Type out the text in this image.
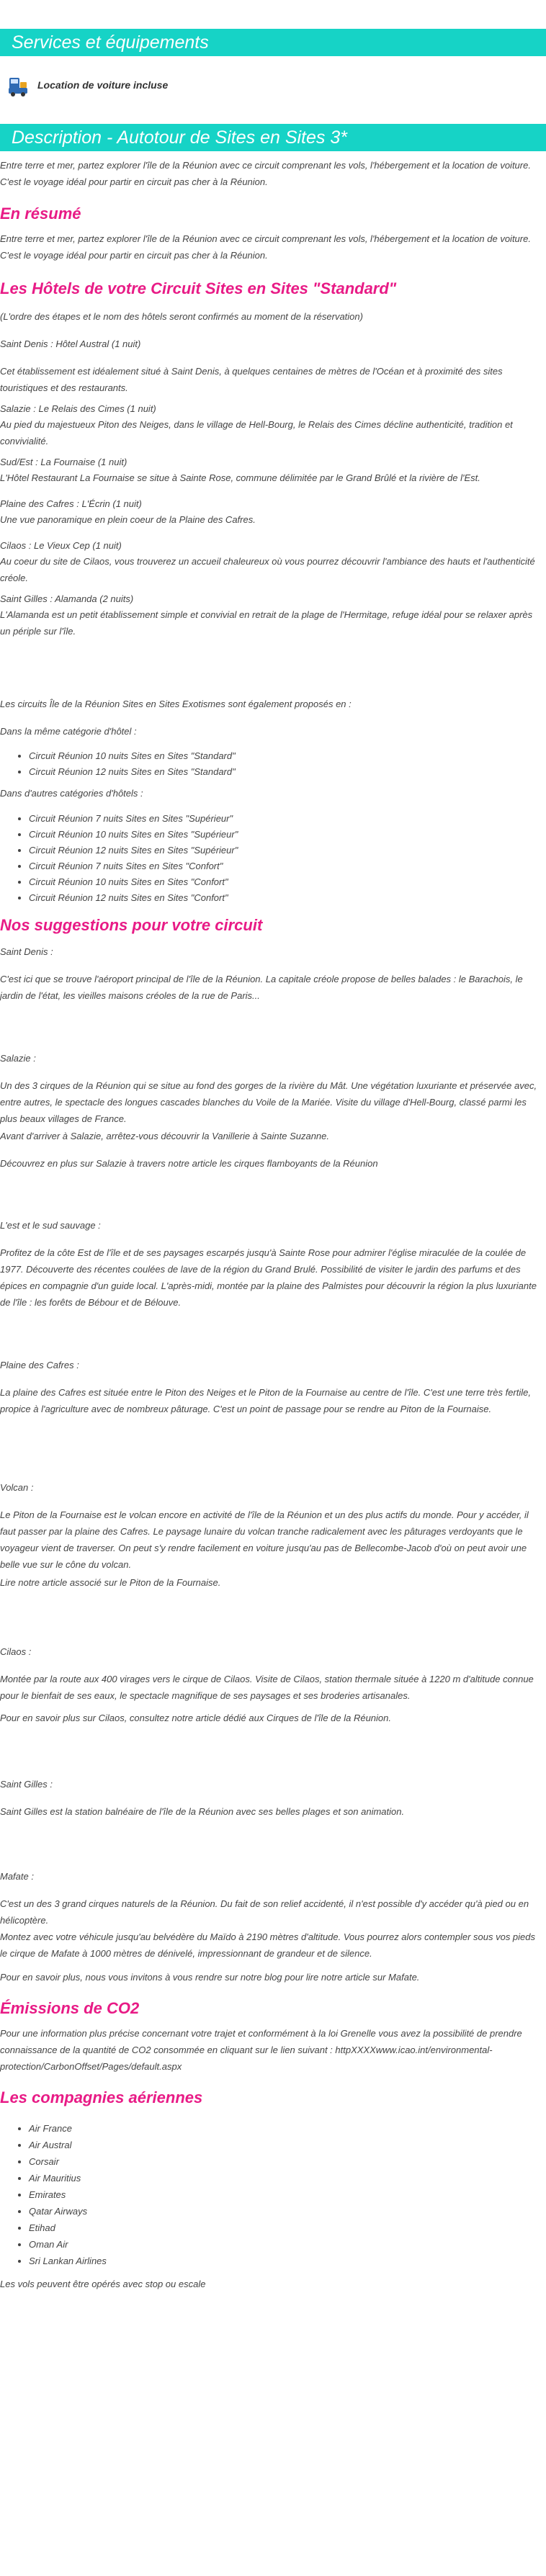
Services et équipements
Location de voiture incluse
Description - Autotour de Sites en Sites 3*
Entre terre et mer, partez explorer l'île de la Réunion avec ce circuit comprenant les vols, l'hébergement et la location de voiture. C'est le voyage idéal pour partir en circuit pas cher à la Réunion.
En résumé
Entre terre et mer, partez explorer l'île de la Réunion avec ce circuit comprenant les vols, l'hébergement et la location de voiture. C'est le voyage idéal pour partir en circuit pas cher à la Réunion.
Les Hôtels de votre Circuit Sites en Sites "Standard"
(L'ordre des étapes et le nom des hôtels seront confirmés au moment de la réservation)
Saint Denis : Hôtel Austral (1 nuit)
Cet établissement est idéalement situé à Saint Denis, à quelques centaines de mètres de l'Océan et à proximité des sites touristiques et des restaurants.
Salazie : Le Relais des Cimes (1 nuit)
Au pied du majestueux Piton des Neiges, dans le village de Hell-Bourg, le Relais des Cimes décline authenticité, tradition et convivialité.
Sud/Est : La Fournaise (1 nuit)
L'Hôtel Restaurant La Fournaise se situe à Sainte Rose, commune délimitée par le Grand Brûlé et la rivière de l'Est.
Plaine des Cafres : L'Écrin (1 nuit)
Une vue panoramique en plein coeur de la Plaine des Cafres.
Cilaos : Le Vieux Cep (1 nuit)
Au coeur du site de Cilaos, vous trouverez un accueil chaleureux où vous pourrez découvrir l'ambiance des hauts et l'authenticité créole.
Saint Gilles : Alamanda (2 nuits)
L'Alamanda est un petit établissement simple et convivial en retrait de la plage de l'Hermitage, refuge idéal pour se relaxer après un périple sur l'île.
Les circuits Île de la Réunion Sites en Sites Exotismes sont également proposés en :
Dans la même catégorie d'hôtel :
• Circuit Réunion 10 nuits Sites en Sites "Standard"
• Circuit Réunion 12 nuits Sites en Sites "Standard"
Dans d'autres catégories d'hôtels :
• Circuit Réunion 7 nuits Sites en Sites "Supérieur"
• Circuit Réunion 10 nuits Sites en Sites "Supérieur"
• Circuit Réunion 12 nuits Sites en Sites "Supérieur"
• Circuit Réunion 7 nuits Sites en Sites "Confort"
• Circuit Réunion 10 nuits Sites en Sites "Confort"
• Circuit Réunion 12 nuits Sites en Sites "Confort"
Nos suggestions pour votre circuit
Saint Denis :
C'est ici que se trouve l'aéroport principal de l'île de la Réunion. La capitale créole propose de belles balades : le Barachois, le jardin de l'état, les vieilles maisons créoles de la rue de Paris...
Salazie :
Un des 3 cirques de la Réunion qui se situe au fond des gorges de la rivière du Mât. Une végétation luxuriante et préservée avec, entre autres, le spectacle des longues cascades blanches du Voile de la Mariée. Visite du village d'Hell-Bourg, classé parmi les plus beaux villages de France.
Avant d'arriver à Salazie, arrêtez-vous découvrir la Vanillerie à Sainte Suzanne.
Découvrez en plus sur Salazie à travers notre article les cirques flamboyants de la Réunion
L'est et le sud sauvage :
Profitez de la côte Est de l'île et de ses paysages escarpés jusqu'à Sainte Rose pour admirer l'église miraculée de la coulée de 1977. Découverte des récentes coulées de lave de la région du Grand Brulé. Possibilité de visiter le jardin des parfums et des épices en compagnie d'un guide local. L'après-midi, montée par la plaine des Palmistes pour découvrir la région la plus luxuriante de l'île : les forêts de Bébour et de Bélouve.
Plaine des Cafres :
La plaine des Cafres est située entre le Piton des Neiges et le Piton de la Fournaise au centre de l'île. C'est une terre très fertile, propice à l'agriculture avec de nombreux pâturage. C'est un point de passage pour se rendre au Piton de la Fournaise.
Volcan :
Le Piton de la Fournaise est le volcan encore en activité de l'île de la Réunion et un des plus actifs du monde. Pour y accéder, il faut passer par la plaine des Cafres. Le paysage lunaire du volcan tranche radicalement avec les pâturages verdoyants que le voyageur vient de traverser. On peut s'y rendre facilement en voiture jusqu'au pas de Bellecombe-Jacob d'où on peut avoir une belle vue sur le cône du volcan.
Lire notre article associé sur le Piton de la Fournaise.
Cilaos :
Montée par la route aux 400 virages vers le cirque de Cilaos. Visite de Cilaos, station thermale située à 1220 m d'altitude connue pour le bienfait de ses eaux, le spectacle magnifique de ses paysages et ses broderies artisanales.
Pour en savoir plus sur Cilaos, consultez notre article dédié aux Cirques de l'île de la Réunion.
Saint Gilles :
Saint Gilles est la station balnéaire de l'île de la Réunion avec ses belles plages et son animation.
Mafate :
C'est un des 3 grand cirques naturels de la Réunion. Du fait de son relief accidenté, il n'est possible d'y accéder qu'à pied ou en hélicoptère.
Montez avec votre véhicule jusqu'au belvédère du Maïdo à 2190 mètres d'altitude. Vous pourrez alors contempler sous vos pieds le cirque de Mafate à 1000 mètres de dénivelé, impressionnant de grandeur et de silence.
Pour en savoir plus, nous vous invitons à vous rendre sur notre blog pour lire notre article sur Mafate.
Émissions de CO2
Pour une information plus précise concernant votre trajet et conformément à la loi Grenelle vous avez la possibilité de prendre connaissance de la quantité de CO2 consommée en cliquant sur le lien suivant : httpXXXXwww.icao.int/environmental-protection/CarbonOffset/Pages/default.aspx
Les compagnies aériennes
• Air France
• Air Austral
• Corsair
• Air Mauritius
• Emirates
• Qatar Airways
• Etihad
• Oman Air
• Sri Lankan Airlines
Les vols peuvent être opérés avec stop ou escale
